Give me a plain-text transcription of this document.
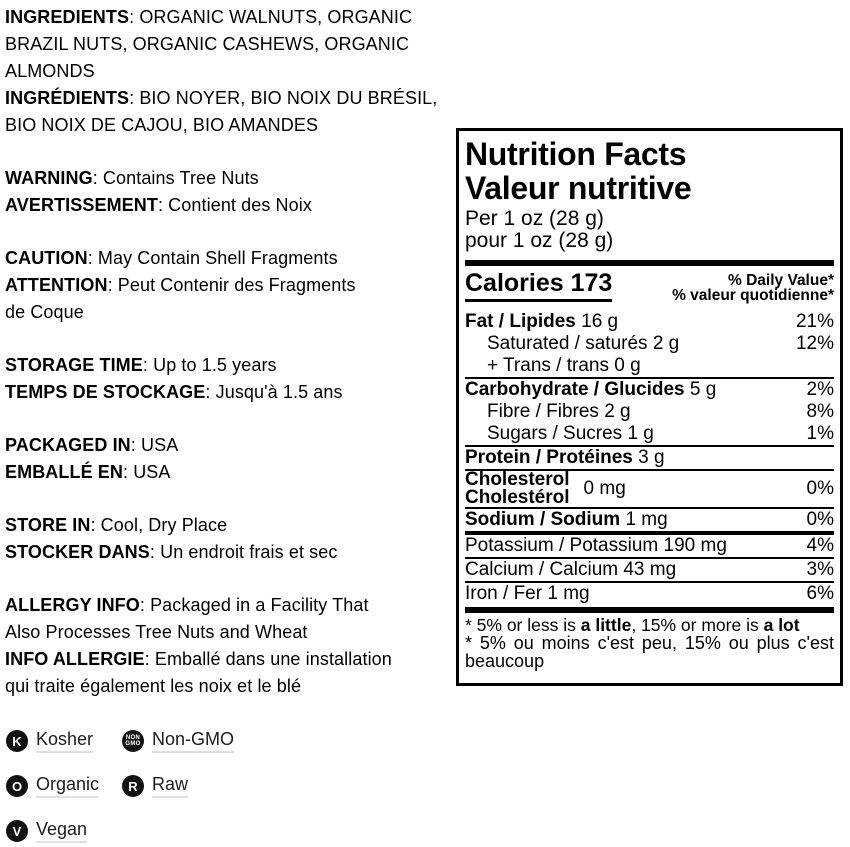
INGREDIENTS: ORGANIC WALNUTS, ORGANIC
BRAZIL NUTS, ORGANIC CASHEWS, ORGANIC
ALMONDS
INGRÉDIENTS: BIO NOYER, BIO NOIX DU BRÉSIL,
BIO NOIX DE CAJOU, BIO AMANDES
WARNING: Contains Tree Nuts
AVERTISSEMENT: Contient des Noix
CAUTION: May Contain Shell Fragments
ATTENTION: Peut Contenir des Fragments
de Coque
STORAGE TIME: Up to 1.5 years
TEMPS DE STOCKAGE: Jusqu'à 1.5 ans
PACKAGED IN: USA
EMBALLÉ EN: USA
STORE IN: Cool, Dry Place
STOCKER DANS: Un endroit frais et sec
ALLERGY INFO: Packaged in a Facility That
Also Processes Tree Nuts and Wheat
INFO ALLERGIE: Emballé dans une installation
qui traite également les noix et le blé
K Kosher	NON
GMO Non-GMO
O Organic	R Raw
V Vegan
Nutrition Facts
Valeur nutritive
Per 1 oz (28 g)
pour 1 oz (28 g)
Calories 173	% Daily Value*
% valeur quotidienne*
Fat / Lipides 16 g	21%
Saturated / saturés 2 g	12%
+ Trans / trans 0 g
Carbohydrate / Glucides 5 g	2%
Fibre / Fibres 2 g	8%
Sugars / Sucres 1 g	1%
Protein / Protéines 3 g
Cholesterol
Cholestérol 0 mg	0%
Sodium / Sodium 1 mg	0%
Potassium / Potassium 190 mg	4%
Calcium / Calcium 43 mg	3%
Iron / Fer 1 mg	6%
* 5% or less is a little, 15% or more is a lot
* 5% ou moins c'est peu, 15% ou plus c'est beaucoup
